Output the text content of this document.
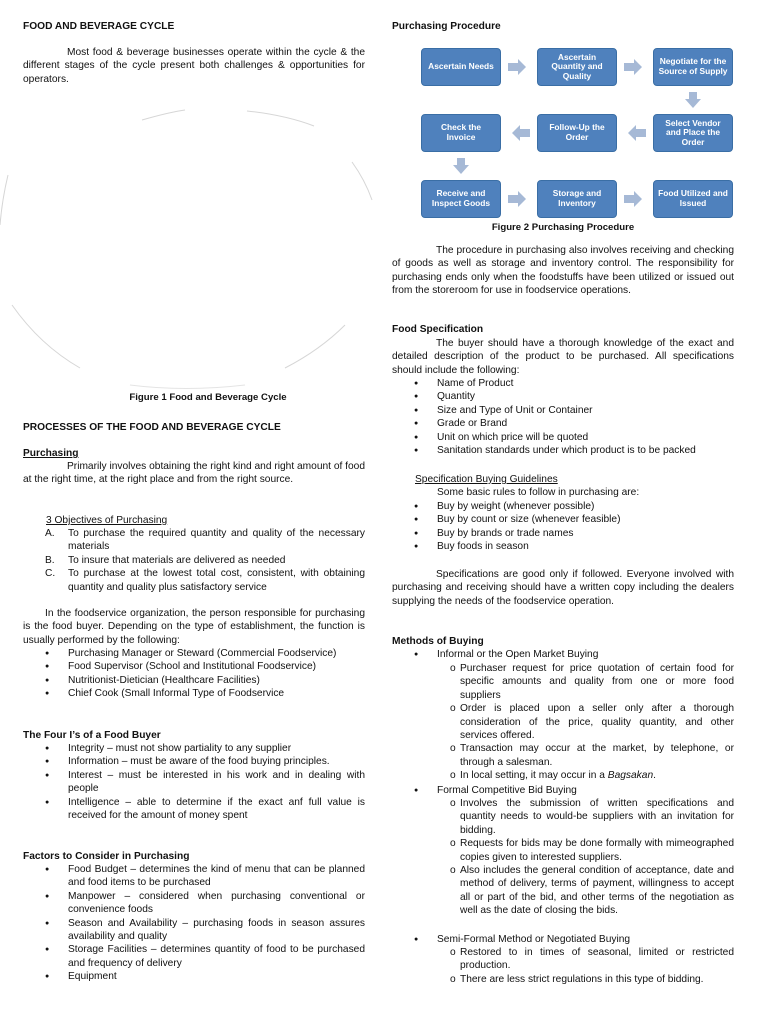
FOOD AND BEVERAGE CYCLE

Most food & beverage businesses operate within the cycle & the different stages of the cycle present both challenges & opportunities for operators.

Figure 1 Food and Beverage Cycle
PROCESSES OF THE FOOD AND BEVERAGE CYCLE
Purchasing

Primarily involves obtaining the right kind and right amount of food at the right time, at the right place and from the right source.

3 Objectives of Purchasing
A. To purchase the required quantity and quality of the necessary materials
B. To insure that materials are delivered as needed
C. To purchase at the lowest total cost, consistent, with obtaining quantity and quality plus satisfactory service

In the foodservice organization, the person responsible for purchasing is the food buyer. Depending on the type of establishment, the function is usually performed by the following:

● Purchasing Manager or Steward (Commercial Foodservice)
● Food Supervisor (School and Institutional Foodservice)
● Nutritionist-Dietician (Healthcare Facilities)
● Chief Cook (Small Informal Type of Foodservice
The Four I’s of a Food Buyer
● Integrity – must not show partiality to any supplier
● Information – must be aware of the food buying principles.
● Interest – must be interested in his work and in dealing with people
● Intelligence – able to determine if the exact anf full value is received for the amount of money spent
Factors to Consider in Purchasing
● Food Budget – determines the kind of menu that can be planned and food items to be purchased
● Manpower – considered when purchasing conventional or convenience foods
● Season and Availability – purchasing foods in season assures availability and quality
● Storage Facilities – determines quantity of food to be purchased and frequency of delivery
● Equipment
Purchasing Procedure
Ascertain Needs
Ascertain Quantity and Quality
Negotiate for the Source of Supply
Select Vendor and Place the Order
Follow-Up the Order
Check the Invoice
Receive and Inspect Goods
Storage and Inventory
Food Utilized and Issued
Figure 2 Purchasing Procedure

The procedure in purchasing also involves receiving and checking of goods as well as storage and inventory control. The responsibility for purchasing ends only when the foodstuffs have been utilized or issued out from the storeroom for use in foodservice operations.

Food Specification

The buyer should have a thorough knowledge of the exact and detailed description of the product to be purchased. All specifications should include the following:

● Name of Product
● Quantity
● Size and Type of Unit or Container
● Grade or Brand
● Unit on which price will be quoted
● Sanitation standards under which product is to be packed
Specification Buying Guidelines
Some basic rules to follow in purchasing are:
● Buy by weight (whenever possible)
● Buy by count or size (whenever feasible)
● Buy by brands or trade names
● Buy foods in season

Specifications are good only if followed. Everyone involved with purchasing and receiving should have a written copy including the dealers supplying the needs of the foodservice operation.

Methods of Buying
● Informal or the Open Market Buying
o Purchaser request for price quotation of certain food for specific amounts and quality from one or more food suppliers
o Order is placed upon a seller only after a thorough consideration of the price, quality quantity, and other services offered.
o Transaction may occur at the market, by telephone, or through a salesman.
o In local setting, it may occur in a Bagsakan.
● Formal Competitive Bid Buying
o Involves the submission of written specifications and quantity needs to would-be suppliers with an invitation for bidding.
o Requests for bids may be done formally with mimeographed copies given to interested suppliers.
o Also includes the general condition of acceptance, date and method of delivery, terms of payment, willingness to accept all or part of the bid, and other terms of the negotiation as well as the date of closing the bids.
● Semi-Formal Method or Negotiated Buying
o Restored to in times of seasonal, limited or restricted production.
o There are less strict regulations in this type of bidding.
